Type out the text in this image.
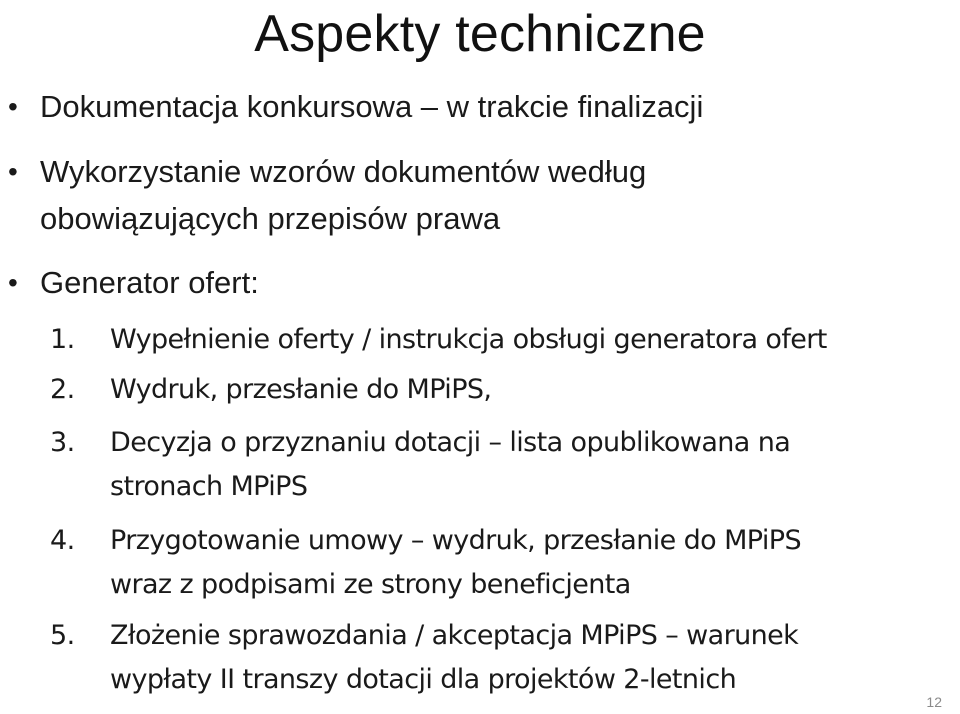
Aspekty techniczne
• Dokumentacja konkursowa – w trakcie finalizacji
• Wykorzystanie wzorów dokumentów według
obowiązujących przepisów prawa
• Generator ofert:
1. Wypełnienie oferty / instrukcja obsługi generatora ofert
2. Wydruk, przesłanie do MPiPS,
3. Decyzja o przyznaniu dotacji – lista opublikowana na
stronach MPiPS
4. Przygotowanie umowy – wydruk, przesłanie do MPiPS
wraz z podpisami ze strony beneficjenta
5. Złożenie sprawozdania / akceptacja MPiPS – warunek
wypłaty II transzy dotacji dla projektów 2-letnich
12
